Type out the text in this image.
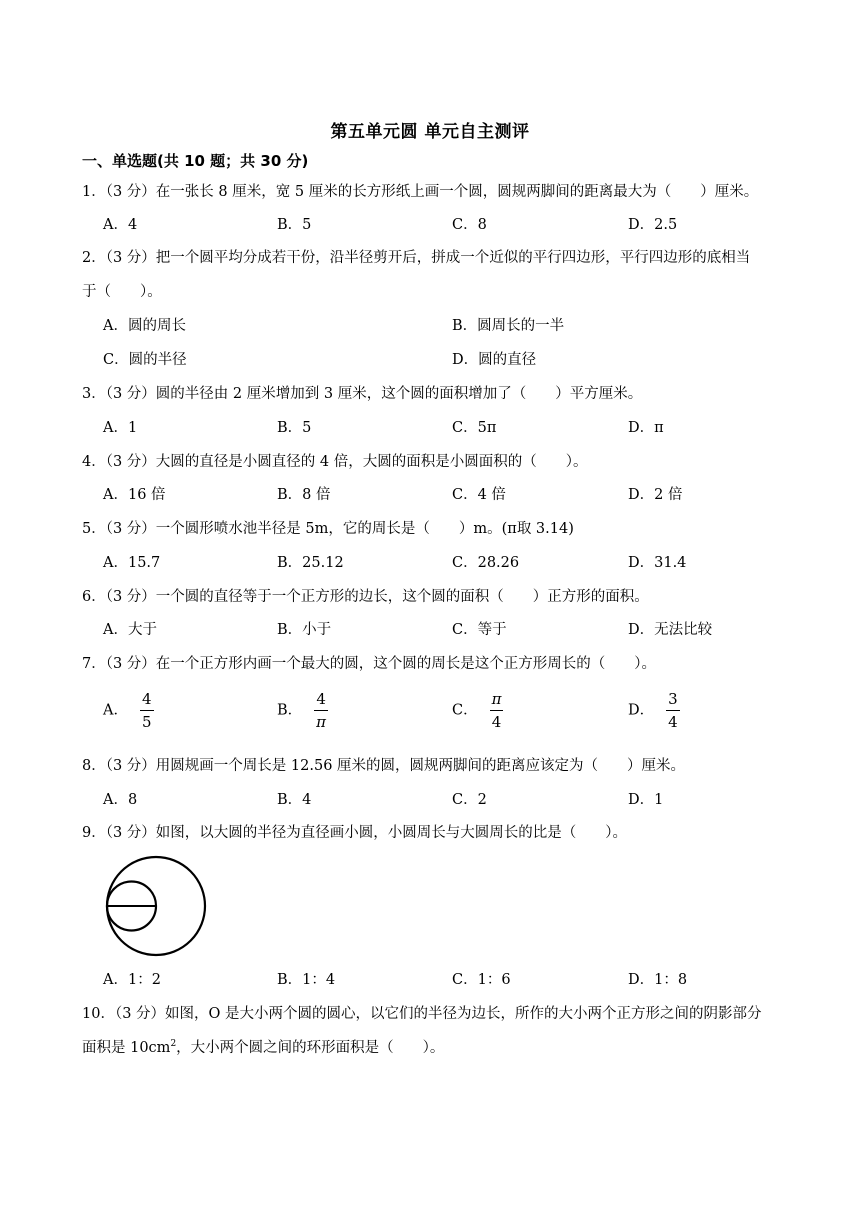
第五单元圆 单元自主测评
一、单选题(共 10 题；共 30 分)
1．（3 分）在一张长 8 厘米，宽 5 厘米的长方形纸上画一个圆，圆规两脚间的距离最大为（　　）厘米。
A．4	B．5	C．8	D．2.5
2．（3 分）把一个圆平均分成若干份，沿半径剪开后，拼成一个近似的平行四边形，平行四边形的底相当
于（　　）。
A．圆的周长	B．圆周长的一半
C．圆的半径	D．圆的直径
3．（3 分）圆的半径由 2 厘米增加到 3 厘米，这个圆的面积增加了（　　）平方厘米。
A．1	B．5	C．5π	D．π
4．（3 分）大圆的直径是小圆直径的 4 倍，大圆的面积是小圆面积的（　　）。
A．16 倍	B．8 倍	C．4 倍	D．2 倍
5．（3 分）一个圆形喷水池半径是 5m，它的周长是（　　）m。(π取 3.14)
A．15.7	B．25.12	C．28.26	D．31.4
6．（3 分）一个圆的直径等于一个正方形的边长，这个圆的面积（　　）正方形的面积。
A．大于	B．小于	C．等于	D．无法比较
7．（3 分）在一个正方形内画一个最大的圆，这个圆的周长是这个正方形周长的（　　）。
A． $\frac{4}{5}$	B． $\frac{4}{\pi}$	C． $\frac{\pi}{4}$	D． $\frac{3}{4}$
8．（3 分）用圆规画一个周长是 12.56 厘米的圆，圆规两脚间的距离应该定为（　　）厘米。
A．8	B．4	C．2	D．1
9．（3 分）如图，以大圆的半径为直径画小圆，小圆周长与大圆周长的比是（　　）。
A．1：2	B．1：4	C．1：6	D．1：8
10．（3 分）如图，O 是大小两个圆的圆心，以它们的半径为边长，所作的大小两个正方形之间的阴影部分
面积是 $10cm^2$，大小两个圆之间的环形面积是（　　）。
